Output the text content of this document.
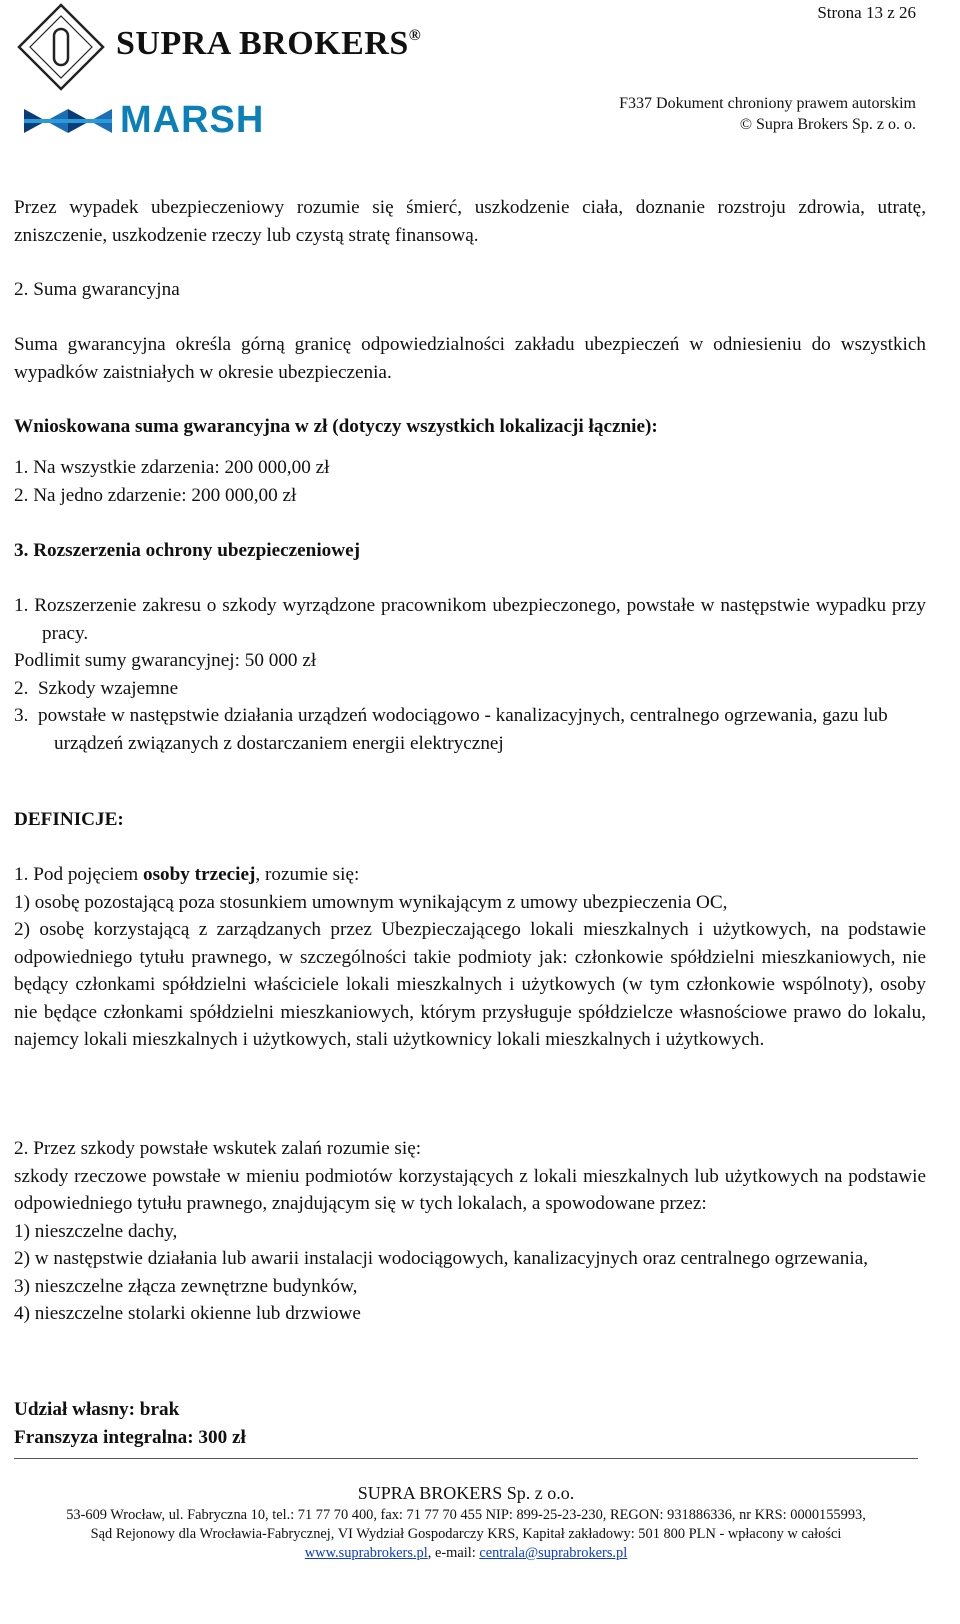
Strona 13 z 26
SUPRA BROKERS®
MARSH	F337 Dokument chroniony prawem autorskim
© Supra Brokers Sp. z o. o.

Przez wypadek ubezpieczeniowy rozumie się śmierć, uszkodzenie ciała, doznanie rozstroju zdrowia, utratę, zniszczenie, uszkodzenie rzeczy lub czystą stratę finansową.

2. Suma gwarancyjna

Suma gwarancyjna określa górną granicę odpowiedzialności zakładu ubezpieczeń w odniesieniu do wszystkich wypadków zaistniałych w okresie ubezpieczenia.

Wnioskowana suma gwarancyjna w zł (dotyczy wszystkich lokalizacji łącznie):

1. Na wszystkie zdarzenia: 200 000,00 zł

2. Na jedno zdarzenie: 200 000,00 zł

3. Rozszerzenia ochrony ubezpieczeniowej

1. Rozszerzenie zakresu o szkody wyrządzone pracownikom ubezpieczonego, powstałe w następstwie wypadku przy pracy.

Podlimit sumy gwarancyjnej: 50 000 zł

2.  Szkody wzajemne

3.  powstałe w następstwie działania urządzeń wodociągowo - kanalizacyjnych, centralnego ogrzewania, gazu lub urządzeń związanych z dostarczaniem energii elektrycznej

DEFINICJE:

1. Pod pojęciem osoby trzeciej, rozumie się:

1) osobę pozostającą poza stosunkiem umownym wynikającym z umowy ubezpieczenia OC,

2) osobę korzystającą z zarządzanych przez Ubezpieczającego lokali mieszkalnych i użytkowych, na podstawie odpowiedniego tytułu prawnego, w szczególności takie podmioty jak: członkowie spółdzielni mieszkaniowych, nie będący członkami spółdzielni właściciele lokali mieszkalnych i użytkowych (w tym członkowie wspólnoty), osoby nie będące członkami spółdzielni mieszkaniowych, którym przysługuje spółdzielcze własnościowe prawo do lokalu, najemcy lokali mieszkalnych i użytkowych, stali użytkownicy lokali mieszkalnych i użytkowych.

2. Przez szkody powstałe wskutek zalań rozumie się:

szkody rzeczowe powstałe w mieniu podmiotów korzystających z lokali mieszkalnych lub użytkowych na podstawie odpowiedniego tytułu prawnego, znajdującym się w tych lokalach, a spowodowane przez:

1) nieszczelne dachy,

2) w następstwie działania lub awarii instalacji wodociągowych, kanalizacyjnych oraz centralnego ogrzewania,

3) nieszczelne złącza zewnętrzne budynków,

4) nieszczelne stolarki okienne lub drzwiowe

Udział własny: brak

Franszyza integralna: 300 zł

SUPRA BROKERS Sp. z o.o.
53-609 Wrocław, ul. Fabryczna 10, tel.: 71 77 70 400, fax: 71 77 70 455 NIP: 899-25-23-230, REGON: 931886336, nr KRS: 0000155993,
Sąd Rejonowy dla Wrocławia-Fabrycznej, VI Wydział Gospodarczy KRS, Kapitał zakładowy: 501 800 PLN - wpłacony w całości
www.suprabrokers.pl, e-mail: centrala@suprabrokers.pl
